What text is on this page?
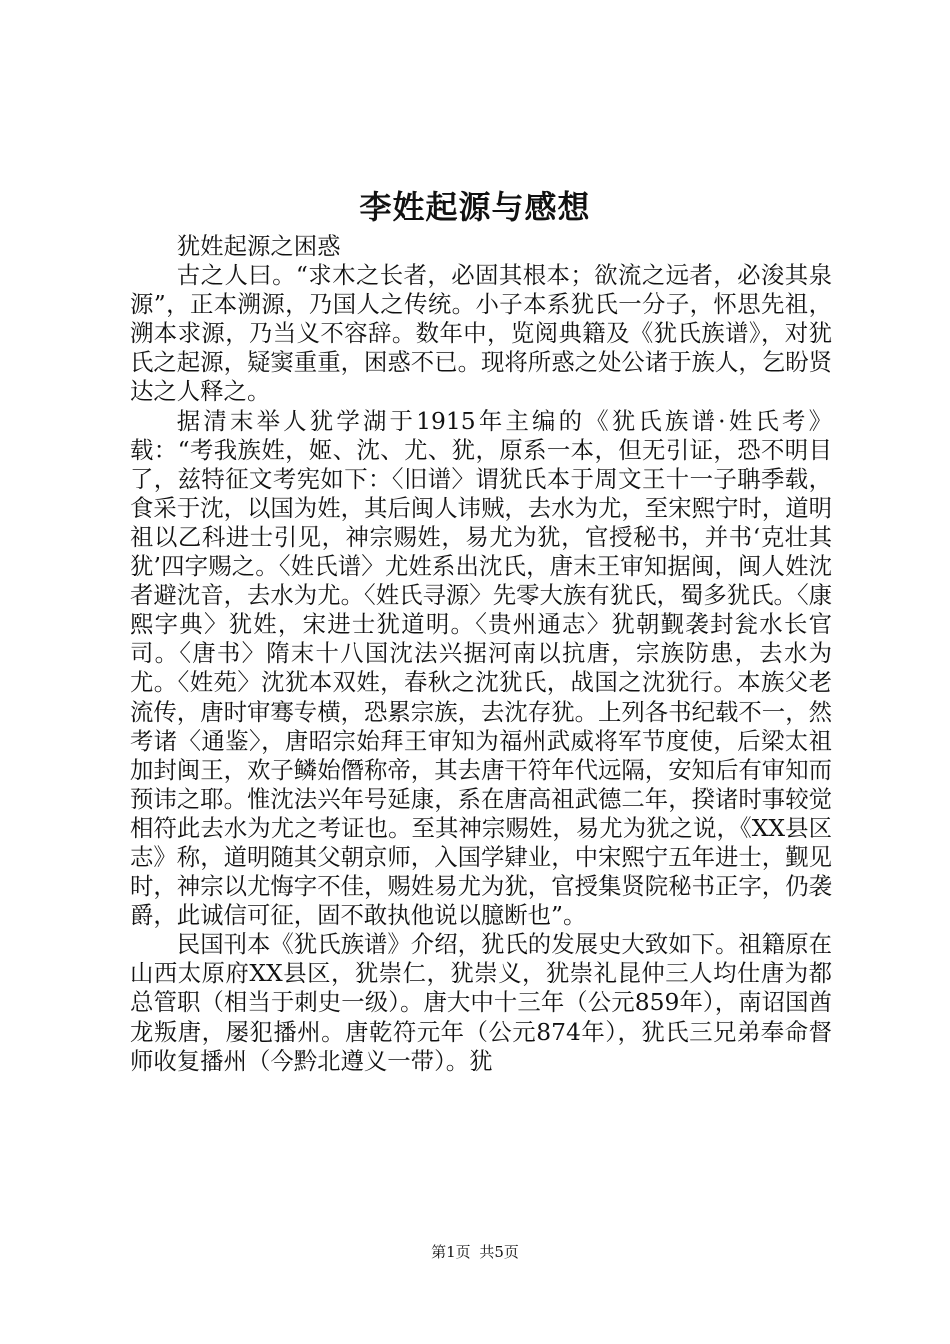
李姓起源与感想

犹姓起源之困惑

古之人曰。“求木之长者，必固其根本；欲流之远者，必浚其泉源”，正本溯源，乃国人之传统。小子本系犹氏一分子，怀思先祖，溯本求源，乃当义不容辞。数年中，览阅典籍及《犹氏族谱》，对犹氏之起源，疑窦重重，困惑不已。现将所惑之处公诸于族人，乞盼贤达之人释之。

据清末举人犹学湖于1915年主编的《犹氏族谱·姓氏考》载：“考我族姓，姬、沈、尤、犹，原系一本，但无引证，恐不明目了，兹特征文考宪如下：〈旧谱〉谓犹氏本于周文王十一子聃季载，食采于沈，以国为姓，其后闽人讳贼，去水为尤，至宋熙宁时，道明祖以乙科进士引见，神宗赐姓，易尤为犹，官授秘书，并书‘克壮其犹’四字赐之。〈姓氏谱〉尤姓系出沈氏，唐末王审知据闽，闽人姓沈者避沈音，去水为尤。〈姓氏寻源〉先零大族有犹氏，蜀多犹氏。〈康熙字典〉犹姓，宋进士犹道明。〈贵州通志〉犹朝觐袭封瓮水长官司。〈唐书〉隋末十八国沈法兴据河南以抗唐，宗族防患，去水为尤。〈姓苑〉沈犹本双姓，春秋之沈犹氏，战国之沈犹行。本族父老流传，唐时审骞专横，恐累宗族，去沈存犹。上列各书纪载不一，然考诸〈通鉴〉，唐昭宗始拜王审知为福州武威将军节度使，后梁太祖加封闽王，欢子鳞始僭称帝，其去唐干符年代远隔，安知后有审知而预讳之耶。惟沈法兴年号延康，系在唐高祖武德二年，揆诸时事较觉相符此去水为尤之考证也。至其神宗赐姓，易尤为犹之说，《XX县区志》称，道明随其父朝京师，入国学肄业，中宋熙宁五年进士，觐见时，神宗以尤悔字不佳，赐姓易尤为犹，官授集贤院秘书正字，仍袭爵，此诚信可征，固不敢执他说以臆断也”。

民国刊本《犹氏族谱》介绍，犹氏的发展史大致如下。祖籍原在山西太原府XX县区，犹崇仁，犹崇义，犹崇礼昆仲三人均仕唐为都总管职（相当于刺史一级）。唐大中十三年（公元859年），南诏国酋龙叛唐，屡犯播州。唐乾符元年（公元874年），犹氏三兄弟奉命督师收复播州（今黔北遵义一带）。犹

第1页 共5页
